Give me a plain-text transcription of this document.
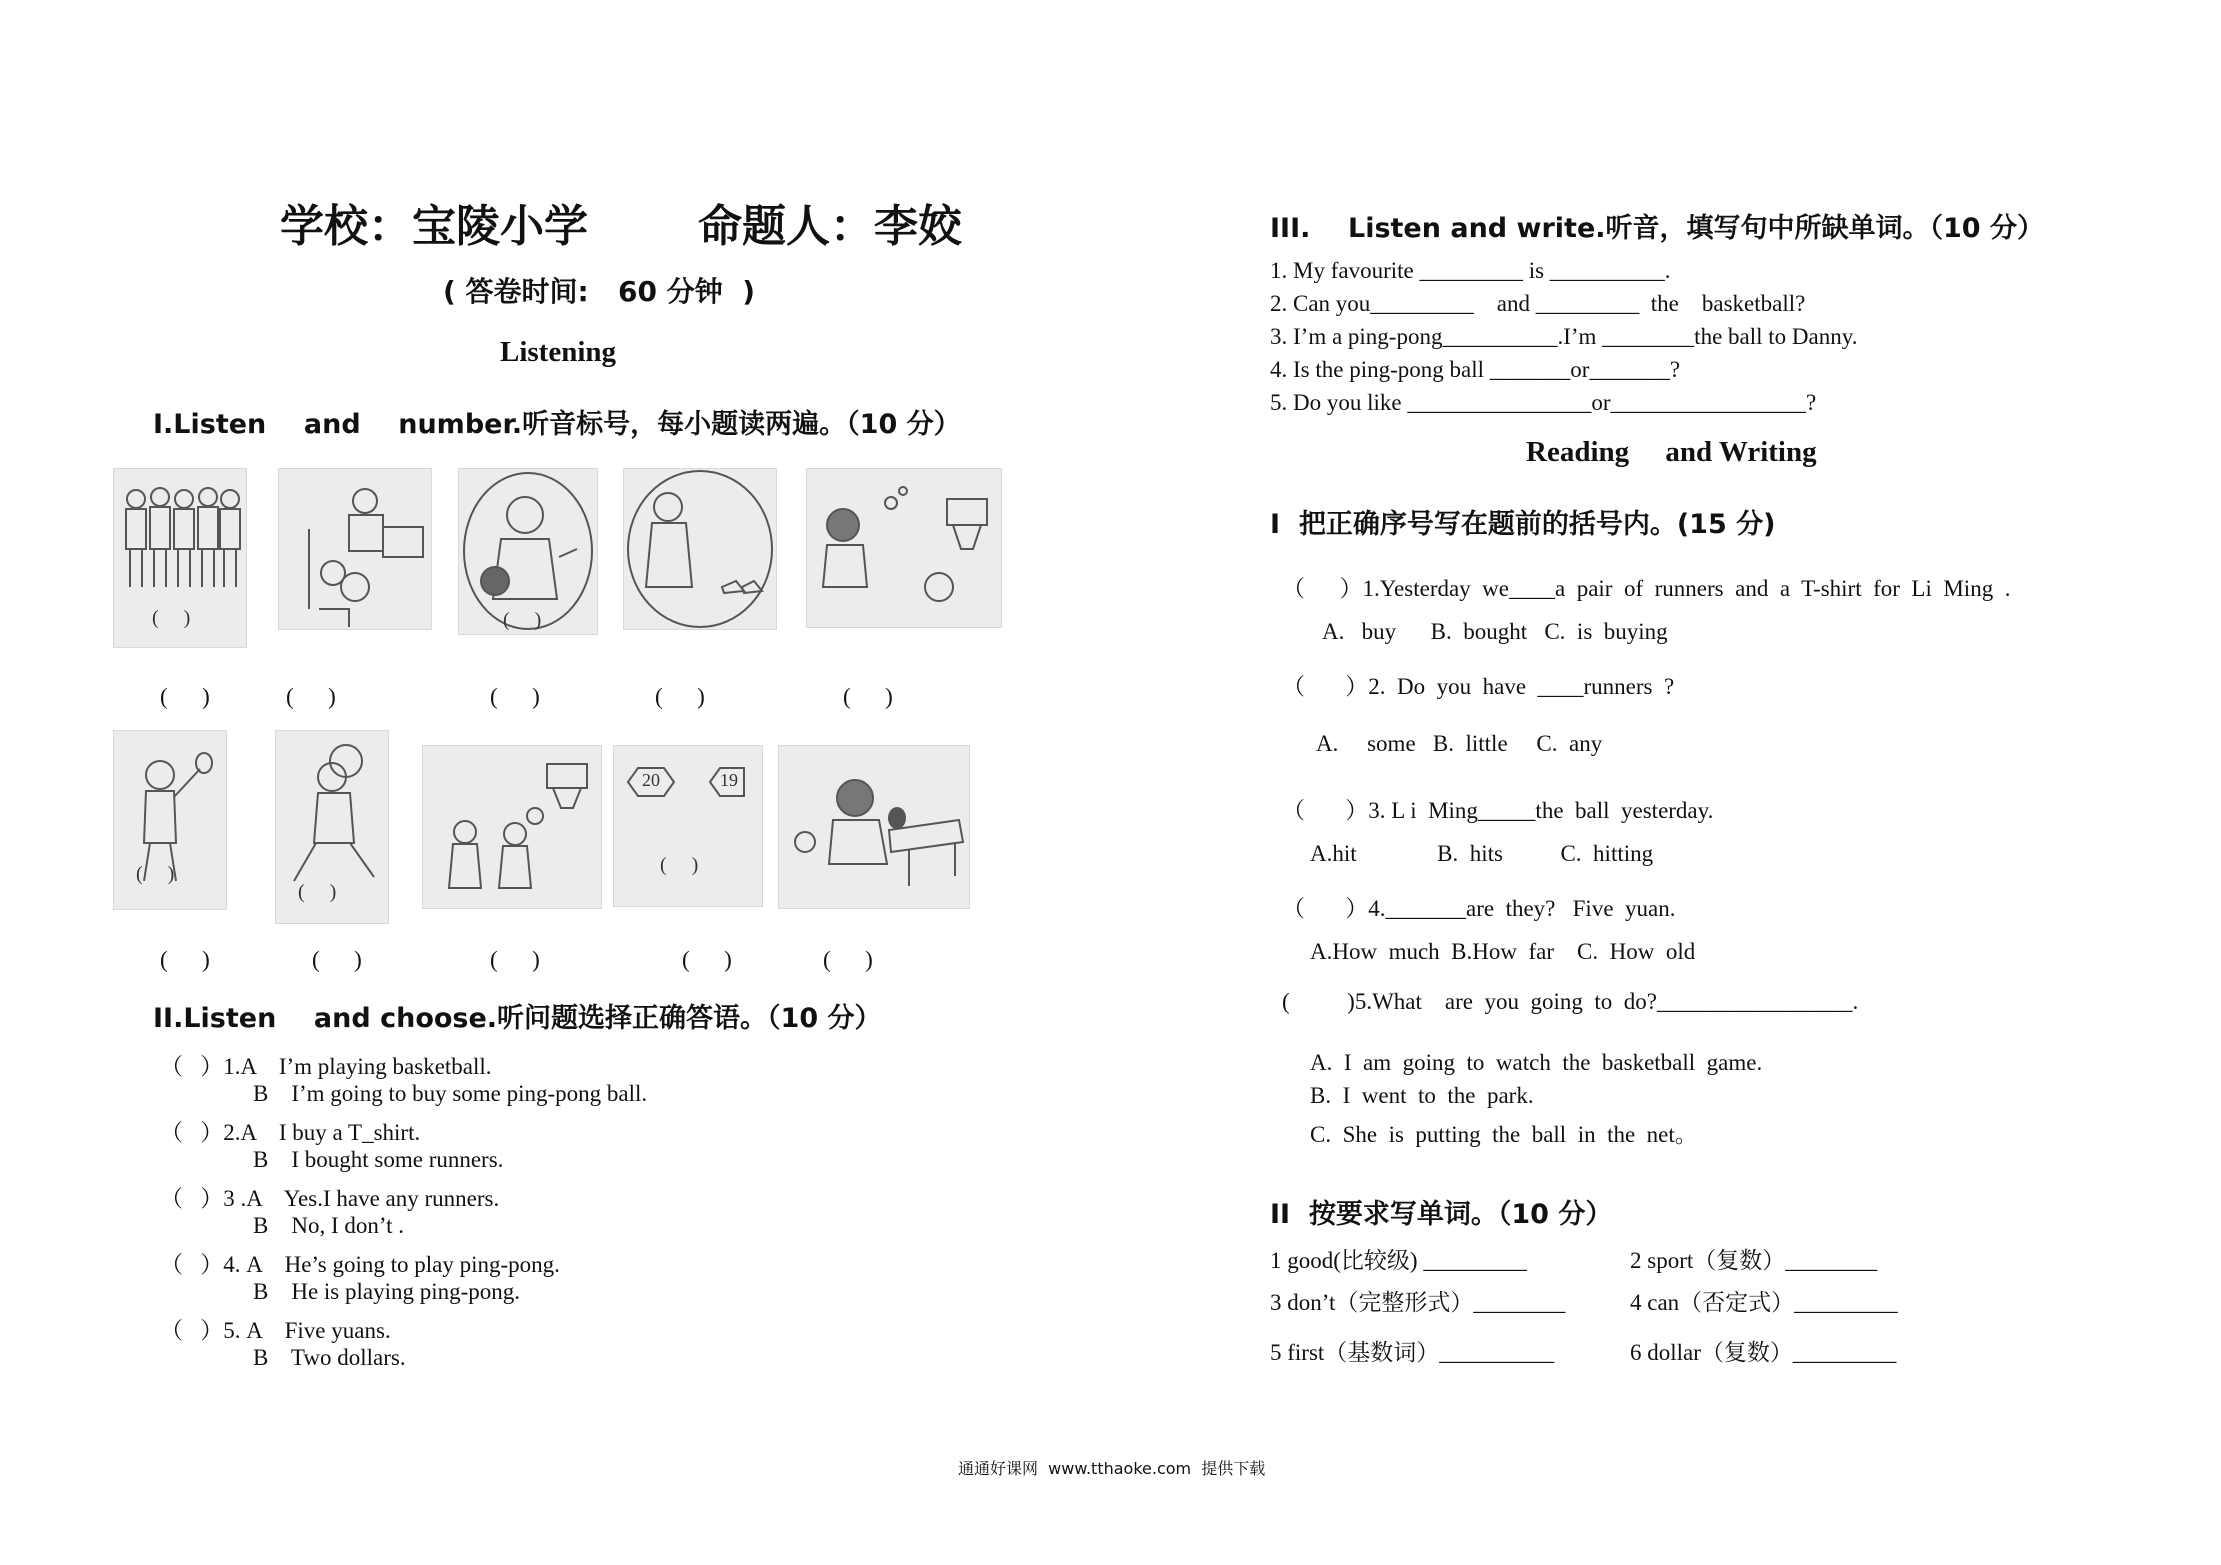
学校：宝陵小学	命题人：李姣
( 答卷时间:   60 分钟  )
Listening
I.Listen    and    number.听音标号，每小题读两遍。（10 分）
(     )	(     )
(      )	(      )	(      )	(      )	(      )
(     )
(     )
20	19
(     )
(      )	(      )	(      )	(      )	(      )
II.Listen    and choose.听问题选择正确答语。（10 分）
（   ）1.A    I’m playing basketball.
B    I’m going to buy some ping-pong ball.
（   ）2.A    I buy a T_shirt.
B    I bought some runners.
（   ）3 .A    Yes.I have any runners.
B    No, I don’t .
（   ）4. A    He’s going to play ping-pong.
B    He is playing ping-pong.
（   ）5. A    Five yuans.
B    Two dollars.
III.    Listen and write.听音，填写句中所缺单词。（10 分）
1. My favourite _________ is __________.
2. Can you_________    and _________  the    basketball?
3. I’m a ping-pong__________.I’m ________the ball to Danny.
4. Is the ping-pong ball _______or_______?
5. Do you like ________________or_________________?
Reading     and Writing
I  把正确序号写在题前的括号内。(15 分)
（      ）1.Yesterday  we____a  pair  of  runners  and  a  T-shirt  for  Li  Ming  .
A.   buy      B.  bought   C.  is  buying
（       ）2.  Do  you  have  ____runners  ?
A.     some   B.  little     C.  any
（       ）3. L i  Ming_____the  ball  yesterday.
A.hit              B.  hits          C.  hitting
（       ）4._______are  they?   Five  yuan.
A.How  much  B.How  far    C.  How  old
(          )5.What    are  you  going  to  do?_________________.
A.  I  am  going  to  watch  the  basketball  game.
B.  I  went  to  the  park.
C.  She  is  putting  the  ball  in  the  net。
II  按要求写单词。（10 分）
1 good(比较级) _________	2 sport（复数）________
3 don’t（完整形式）________	4 can（否定式）_________
5 first（基数词）__________	6 dollar（复数）_________
通通好课网  www.tthaoke.com  提供下载
